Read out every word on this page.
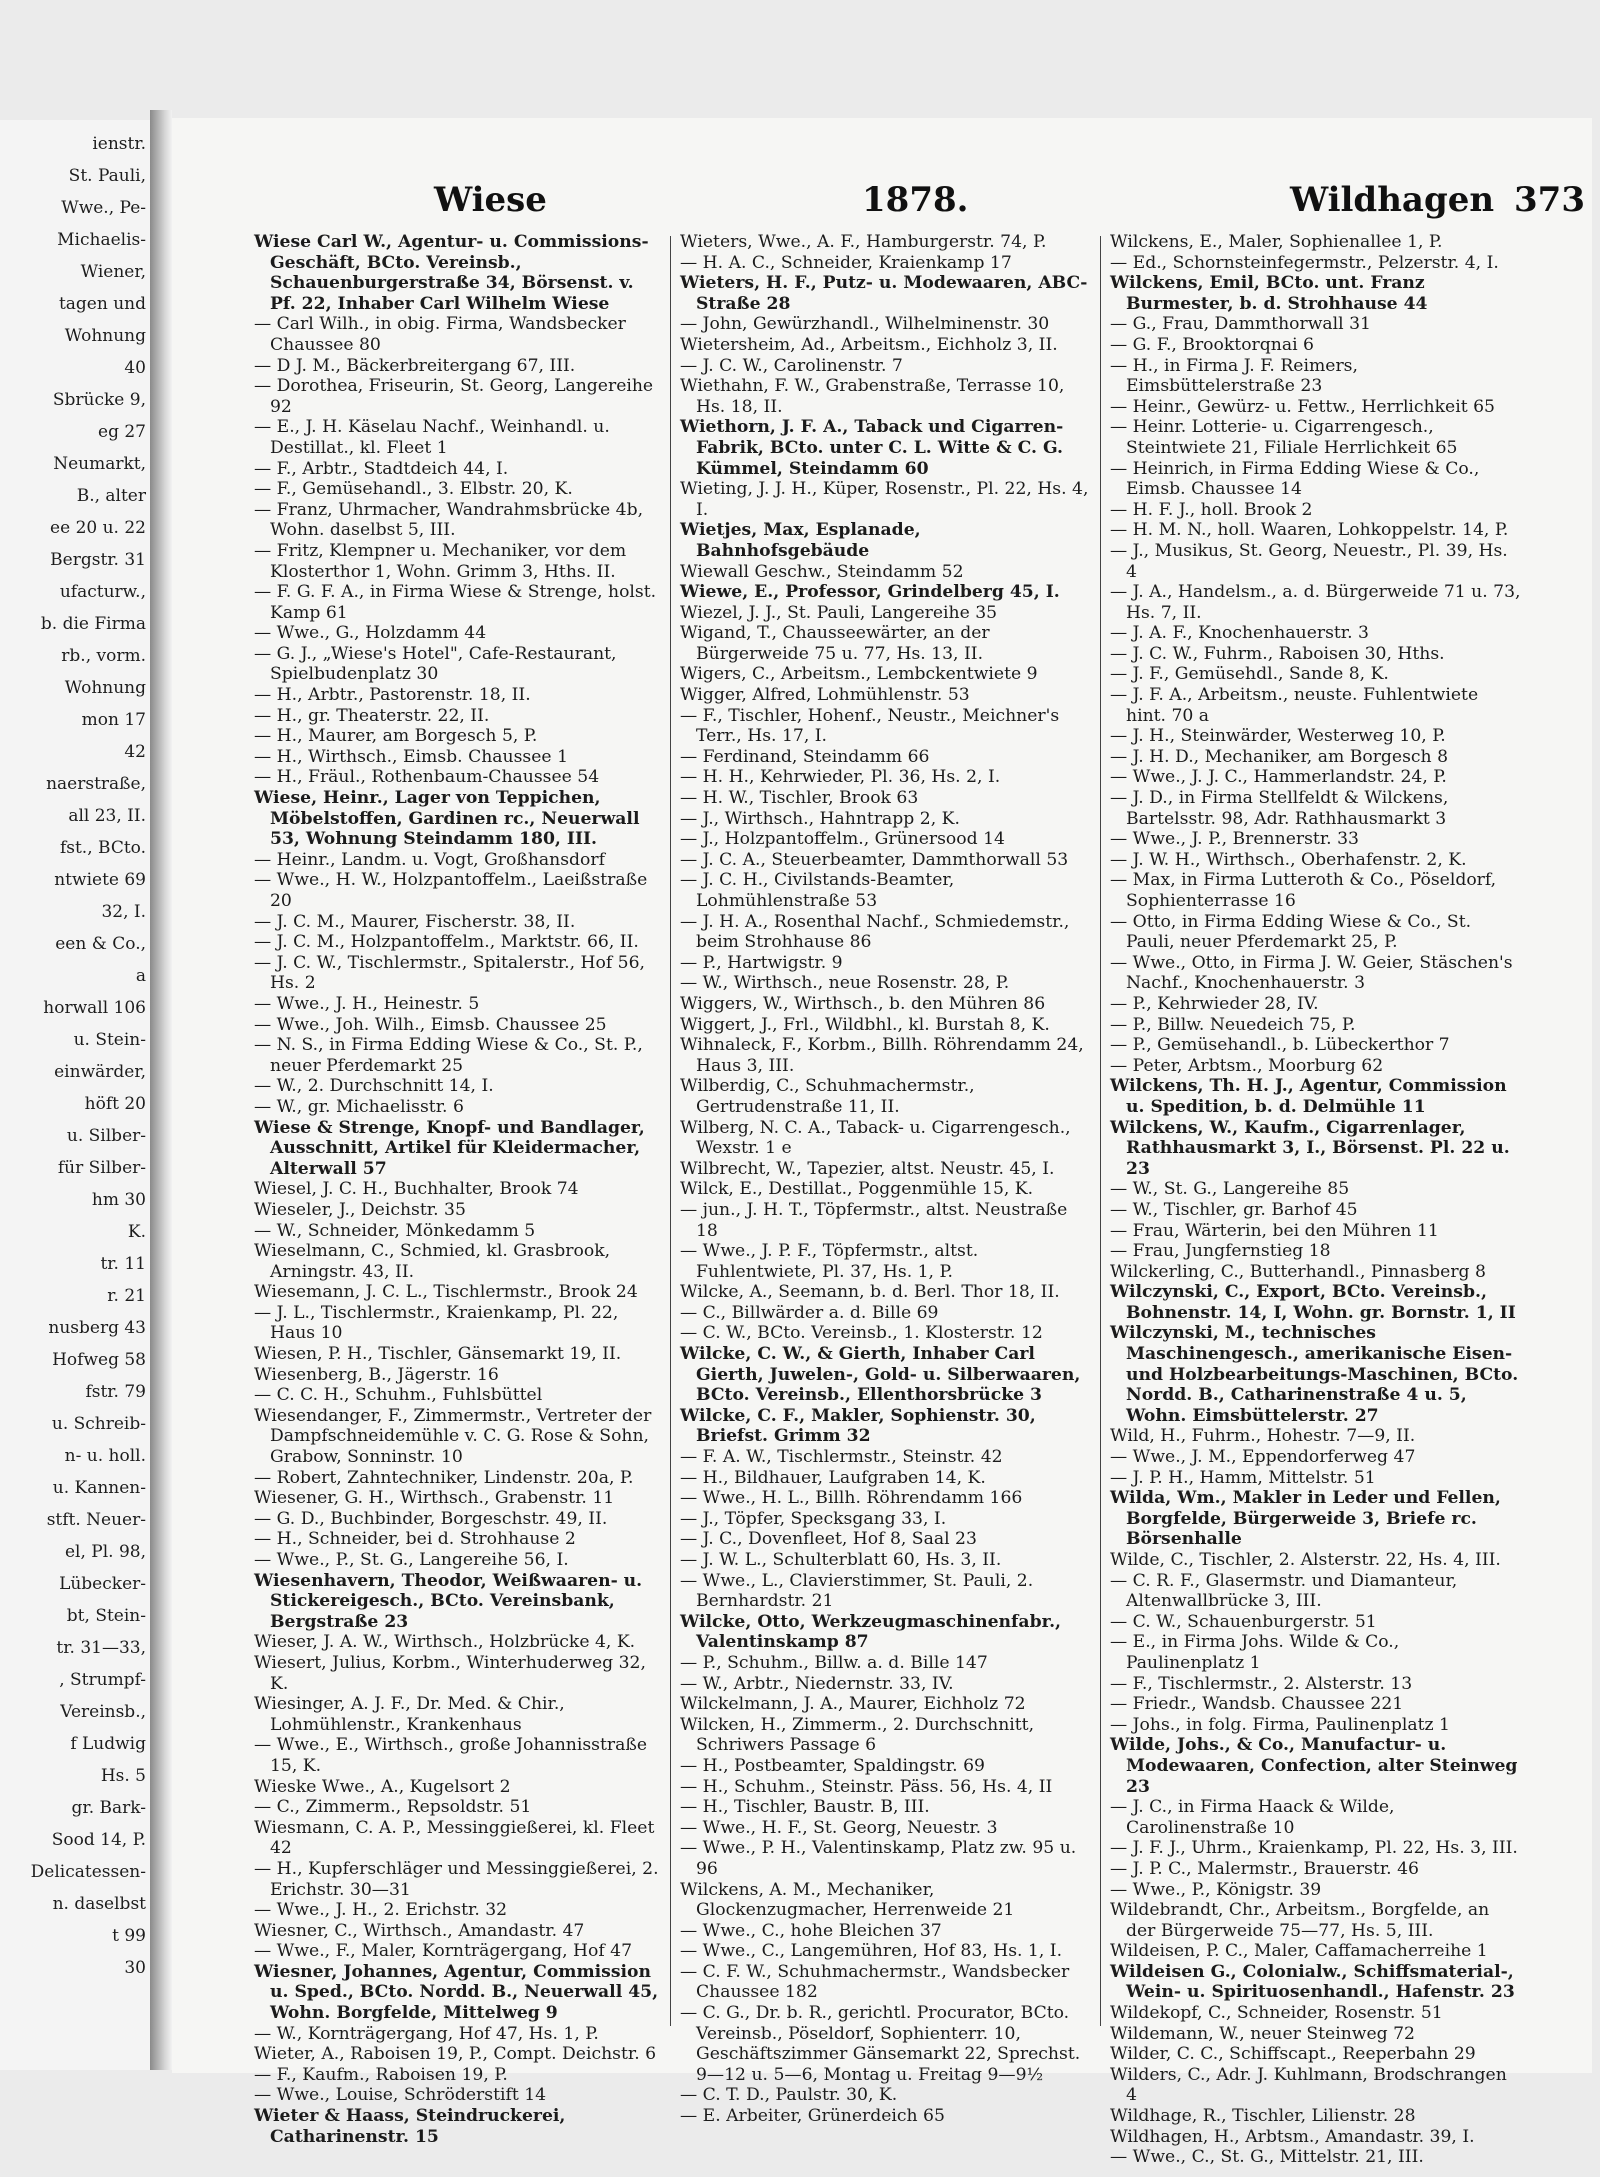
ienstr.
St. Pauli,
Wwe., Pe-
Michaelis-
Wiener,
tagen und
Wohnung
40
Sbrücke 9,
eg 27
Neumarkt,
B., alter
ee 20 u. 22
Bergstr. 31
ufacturw.,
b. die Firma
rb., vorm.
Wohnung
mon 17
42
naerstraße,
all 23, II.
fst., BCto.
ntwiete 69
32, I.
een & Co.,
a
horwall 106
u. Stein-
einwärder,
höft 20
u. Silber-
für Silber-
hm 30
K.
tr. 11
r. 21
nusberg 43
Hofweg 58
fstr. 79
u. Schreib-
n- u. holl.
u. Kannen-
stft. Neuer-
el, Pl. 98,
Lübecker-
bt, Stein-
tr. 31—33,
, Strumpf-
Vereinsb.,
f Ludwig
Hs. 5
gr. Bark-
Sood 14, P.
Delicatessen-
n. daselbst
t 99
30
Wiese	1878.	Wildhagen 373
Wiese Carl W., Agentur- u. Commissions-Geschäft, BCto. Vereinsb., Schauenburgerstraße 34, Börsenst. v. Pf. 22, Inhaber Carl Wilhelm Wiese
— Carl Wilh., in obig. Firma, Wandsbecker Chaussee 80
— D J. M., Bäckerbreitergang 67, III.
— Dorothea, Friseurin, St. Georg, Langereihe 92
— E., J. H. Käselau Nachf., Weinhandl. u. Destillat., kl. Fleet 1
— F., Arbtr., Stadtdeich 44, I.
— F., Gemüsehandl., 3. Elbstr. 20, K.
— Franz, Uhrmacher, Wandrahmsbrücke 4b, Wohn. daselbst 5, III.
— Fritz, Klempner u. Mechaniker, vor dem Klosterthor 1, Wohn. Grimm 3, Hths. II.
— F. G. F. A., in Firma Wiese & Strenge, holst. Kamp 61
— Wwe., G., Holzdamm 44
— G. J., „Wiese's Hotel", Cafe-Restaurant, Spielbudenplatz 30
— H., Arbtr., Pastorenstr. 18, II.
— H., gr. Theaterstr. 22, II.
— H., Maurer, am Borgesch 5, P.
— H., Wirthsch., Eimsb. Chaussee 1
— H., Fräul., Rothenbaum-Chaussee 54
Wiese, Heinr., Lager von Teppichen, Möbelstoffen, Gardinen rc., Neuerwall 53, Wohnung Steindamm 180, III.
— Heinr., Landm. u. Vogt, Großhansdorf
— Wwe., H. W., Holzpantoffelm., Laeißstraße 20
— J. C. M., Maurer, Fischerstr. 38, II.
— J. C. M., Holzpantoffelm., Marktstr. 66, II.
— J. C. W., Tischlermstr., Spitalerstr., Hof 56, Hs. 2
— Wwe., J. H., Heinestr. 5
— Wwe., Joh. Wilh., Eimsb. Chaussee 25
— N. S., in Firma Edding Wiese & Co., St. P., neuer Pferdemarkt 25
— W., 2. Durchschnitt 14, I.
— W., gr. Michaelisstr. 6
Wiese & Strenge, Knopf- und Bandlager, Ausschnitt, Artikel für Kleidermacher, Alterwall 57
Wiesel, J. C. H., Buchhalter, Brook 74
Wieseler, J., Deichstr. 35
— W., Schneider, Mönkedamm 5
Wieselmann, C., Schmied, kl. Grasbrook, Arningstr. 43, II.
Wiesemann, J. C. L., Tischlermstr., Brook 24
— J. L., Tischlermstr., Kraienkamp, Pl. 22, Haus 10
Wiesen, P. H., Tischler, Gänsemarkt 19, II.
Wiesenberg, B., Jägerstr. 16
— C. C. H., Schuhm., Fuhlsbüttel
Wiesendanger, F., Zimmermstr., Vertreter der Dampfschneidemühle v. C. G. Rose & Sohn, Grabow, Sonninstr. 10
— Robert, Zahntechniker, Lindenstr. 20a, P.
Wiesener, G. H., Wirthsch., Grabenstr. 11
— G. D., Buchbinder, Borgeschstr. 49, II.
— H., Schneider, bei d. Strohhause 2
— Wwe., P., St. G., Langereihe 56, I.
Wiesenhavern, Theodor, Weißwaaren- u. Stickereigesch., BCto. Vereinsbank, Bergstraße 23
Wieser, J. A. W., Wirthsch., Holzbrücke 4, K.
Wiesert, Julius, Korbm., Winterhuderweg 32, K.
Wiesinger, A. J. F., Dr. Med. & Chir., Lohmühlenstr., Krankenhaus
— Wwe., E., Wirthsch., große Johannisstraße 15, K.
Wieske Wwe., A., Kugelsort 2
— C., Zimmerm., Repsoldstr. 51
Wiesmann, C. A. P., Messinggießerei, kl. Fleet 42
— H., Kupferschläger und Messinggießerei, 2. Erichstr. 30—31
— Wwe., J. H., 2. Erichstr. 32
Wiesner, C., Wirthsch., Amandastr. 47
— Wwe., F., Maler, Kornträgergang, Hof 47
Wiesner, Johannes, Agentur, Commission u. Sped., BCto. Nordd. B., Neuerwall 45, Wohn. Borgfelde, Mittelweg 9
— W., Kornträgergang, Hof 47, Hs. 1, P.
Wieter, A., Raboisen 19, P., Compt. Deichstr. 6
— F., Kaufm., Raboisen 19, P.
— Wwe., Louise, Schröderstift 14
Wieter & Haass, Steindruckerei, Catharinenstr. 15
Wieters, Wwe., A. F., Hamburgerstr. 74, P.
— H. A. C., Schneider, Kraienkamp 17
Wieters, H. F., Putz- u. Modewaaren, ABC-Straße 28
— John, Gewürzhandl., Wilhelminenstr. 30
Wietersheim, Ad., Arbeitsm., Eichholz 3, II.
— J. C. W., Carolinenstr. 7
Wiethahn, F. W., Grabenstraße, Terrasse 10, Hs. 18, II.
Wiethorn, J. F. A., Taback und Cigarren-Fabrik, BCto. unter C. L. Witte & C. G. Kümmel, Steindamm 60
Wieting, J. J. H., Küper, Rosenstr., Pl. 22, Hs. 4, I.
Wietjes, Max, Esplanade, Bahnhofsgebäude
Wiewall Geschw., Steindamm 52
Wiewe, E., Professor, Grindelberg 45, I.
Wiezel, J. J., St. Pauli, Langereihe 35
Wigand, T., Chausseewärter, an der Bürgerweide 75 u. 77, Hs. 13, II.
Wigers, C., Arbeitsm., Lembckentwiete 9
Wigger, Alfred, Lohmühlenstr. 53
— F., Tischler, Hohenf., Neustr., Meichner's Terr., Hs. 17, I.
— Ferdinand, Steindamm 66
— H. H., Kehrwieder, Pl. 36, Hs. 2, I.
— H. W., Tischler, Brook 63
— J., Wirthsch., Hahntrapp 2, K.
— J., Holzpantoffelm., Grünersood 14
— J. C. A., Steuerbeamter, Dammthorwall 53
— J. C. H., Civilstands-Beamter, Lohmühlenstraße 53
— J. H. A., Rosenthal Nachf., Schmiedemstr., beim Strohhause 86
— P., Hartwigstr. 9
— W., Wirthsch., neue Rosenstr. 28, P.
Wiggers, W., Wirthsch., b. den Mühren 86
Wiggert, J., Frl., Wildbhl., kl. Burstah 8, K.
Wihnaleck, F., Korbm., Billh. Röhrendamm 24, Haus 3, III.
Wilberdig, C., Schuhmachermstr., Gertrudenstraße 11, II.
Wilberg, N. C. A., Taback- u. Cigarrengesch., Wexstr. 1 e
Wilbrecht, W., Tapezier, altst. Neustr. 45, I.
Wilck, E., Destillat., Poggenmühle 15, K.
— jun., J. H. T., Töpfermstr., altst. Neustraße 18
— Wwe., J. P. F., Töpfermstr., altst. Fuhlentwiete, Pl. 37, Hs. 1, P.
Wilcke, A., Seemann, b. d. Berl. Thor 18, II.
— C., Billwärder a. d. Bille 69
— C. W., BCto. Vereinsb., 1. Klosterstr. 12
Wilcke, C. W., & Gierth, Inhaber Carl Gierth, Juwelen-, Gold- u. Silberwaaren, BCto. Vereinsb., Ellenthorsbrücke 3
Wilcke, C. F., Makler, Sophienstr. 30, Briefst. Grimm 32
— F. A. W., Tischlermstr., Steinstr. 42
— H., Bildhauer, Laufgraben 14, K.
— Wwe., H. L., Billh. Röhrendamm 166
— J., Töpfer, Specksgang 33, I.
— J. C., Dovenfleet, Hof 8, Saal 23
— J. W. L., Schulterblatt 60, Hs. 3, II.
— Wwe., L., Clavierstimmer, St. Pauli, 2. Bernhardstr. 21
Wilcke, Otto, Werkzeugmaschinenfabr., Valentinskamp 87
— P., Schuhm., Billw. a. d. Bille 147
— W., Arbtr., Niedernstr. 33, IV.
Wilckelmann, J. A., Maurer, Eichholz 72
Wilcken, H., Zimmerm., 2. Durchschnitt, Schriwers Passage 6
— H., Postbeamter, Spaldingstr. 69
— H., Schuhm., Steinstr. Päss. 56, Hs. 4, II
— H., Tischler, Baustr. B, III.
— Wwe., H. F., St. Georg, Neuestr. 3
— Wwe., P. H., Valentinskamp, Platz zw. 95 u. 96
Wilckens, A. M., Mechaniker, Glockenzugmacher, Herrenweide 21
— Wwe., C., hohe Bleichen 37
— Wwe., C., Langemühren, Hof 83, Hs. 1, I.
— C. F. W., Schuhmachermstr., Wandsbecker Chaussee 182
— C. G., Dr. b. R., gerichtl. Procurator, BCto. Vereinsb., Pöseldorf, Sophienterr. 10, Geschäftszimmer Gänsemarkt 22, Sprechst. 9—12 u. 5—6, Montag u. Freitag 9—9½
— C. T. D., Paulstr. 30, K.
— E. Arbeiter, Grünerdeich 65
Wilckens, E., Maler, Sophienallee 1, P.
— Ed., Schornsteinfegermstr., Pelzerstr. 4, I.
Wilckens, Emil, BCto. unt. Franz Burmester, b. d. Strohhause 44
— G., Frau, Dammthorwall 31
— G. F., Brooktorqnai 6
— H., in Firma J. F. Reimers, Eimsbüttelerstraße 23
— Heinr., Gewürz- u. Fettw., Herrlichkeit 65
— Heinr. Lotterie- u. Cigarrengesch., Steintwiete 21, Filiale Herrlichkeit 65
— Heinrich, in Firma Edding Wiese & Co., Eimsb. Chaussee 14
— H. F. J., holl. Brook 2
— H. M. N., holl. Waaren, Lohkoppelstr. 14, P.
— J., Musikus, St. Georg, Neuestr., Pl. 39, Hs. 4
— J. A., Handelsm., a. d. Bürgerweide 71 u. 73, Hs. 7, II.
— J. A. F., Knochenhauerstr. 3
— J. C. W., Fuhrm., Raboisen 30, Hths.
— J. F., Gemüsehdl., Sande 8, K.
— J. F. A., Arbeitsm., neuste. Fuhlentwiete hint. 70 a
— J. H., Steinwärder, Westerweg 10, P.
— J. H. D., Mechaniker, am Borgesch 8
— Wwe., J. J. C., Hammerlandstr. 24, P.
— J. D., in Firma Stellfeldt & Wilckens, Bartelsstr. 98, Adr. Rathhausmarkt 3
— Wwe., J. P., Brennerstr. 33
— J. W. H., Wirthsch., Oberhafenstr. 2, K.
— Max, in Firma Lutteroth & Co., Pöseldorf, Sophienterrasse 16
— Otto, in Firma Edding Wiese & Co., St. Pauli, neuer Pferdemarkt 25, P.
— Wwe., Otto, in Firma J. W. Geier, Stäschen's Nachf., Knochenhauerstr. 3
— P., Kehrwieder 28, IV.
— P., Billw. Neuedeich 75, P.
— P., Gemüsehandl., b. Lübeckerthor 7
— Peter, Arbtsm., Moorburg 62
Wilckens, Th. H. J., Agentur, Commission u. Spedition, b. d. Delmühle 11
Wilckens, W., Kaufm., Cigarrenlager, Rathhausmarkt 3, I., Börsenst. Pl. 22 u. 23
— W., St. G., Langereihe 85
— W., Tischler, gr. Barhof 45
— Frau, Wärterin, bei den Mühren 11
— Frau, Jungfernstieg 18
Wilckerling, C., Butterhandl., Pinnasberg 8
Wilczynski, C., Export, BCto. Vereinsb., Bohnenstr. 14, I, Wohn. gr. Bornstr. 1, II
Wilczynski, M., technisches Maschinengesch., amerikanische Eisen- und Holzbearbeitungs-Maschinen, BCto. Nordd. B., Catharinenstraße 4 u. 5, Wohn. Eimsbüttelerstr. 27
Wild, H., Fuhrm., Hohestr. 7—9, II.
— Wwe., J. M., Eppendorferweg 47
— J. P. H., Hamm, Mittelstr. 51
Wilda, Wm., Makler in Leder und Fellen, Borgfelde, Bürgerweide 3, Briefe rc. Börsenhalle
Wilde, C., Tischler, 2. Alsterstr. 22, Hs. 4, III.
— C. R. F., Glasermstr. und Diamanteur, Altenwallbrücke 3, III.
— C. W., Schauenburgerstr. 51
— E., in Firma Johs. Wilde & Co., Paulinenplatz 1
— F., Tischlermstr., 2. Alsterstr. 13
— Friedr., Wandsb. Chaussee 221
— Johs., in folg. Firma, Paulinenplatz 1
Wilde, Johs., & Co., Manufactur- u. Modewaaren, Confection, alter Steinweg 23
— J. C., in Firma Haack & Wilde, Carolinenstraße 10
— J. F. J., Uhrm., Kraienkamp, Pl. 22, Hs. 3, III.
— J. P. C., Malermstr., Brauerstr. 46
— Wwe., P., Königstr. 39
Wildebrandt, Chr., Arbeitsm., Borgfelde, an der Bürgerweide 75—77, Hs. 5, III.
Wildeisen, P. C., Maler, Caffamacherreihe 1
Wildeisen G., Colonialw., Schiffsmaterial-, Wein- u. Spirituosenhandl., Hafenstr. 23
Wildekopf, C., Schneider, Rosenstr. 51
Wildemann, W., neuer Steinweg 72
Wilder, C. C., Schiffscapt., Reeperbahn 29
Wilders, C., Adr. J. Kuhlmann, Brodschrangen 4
Wildhage, R., Tischler, Lilienstr. 28
Wildhagen, H., Arbtsm., Amandastr. 39, I.
— Wwe., C., St. G., Mittelstr. 21, III.
